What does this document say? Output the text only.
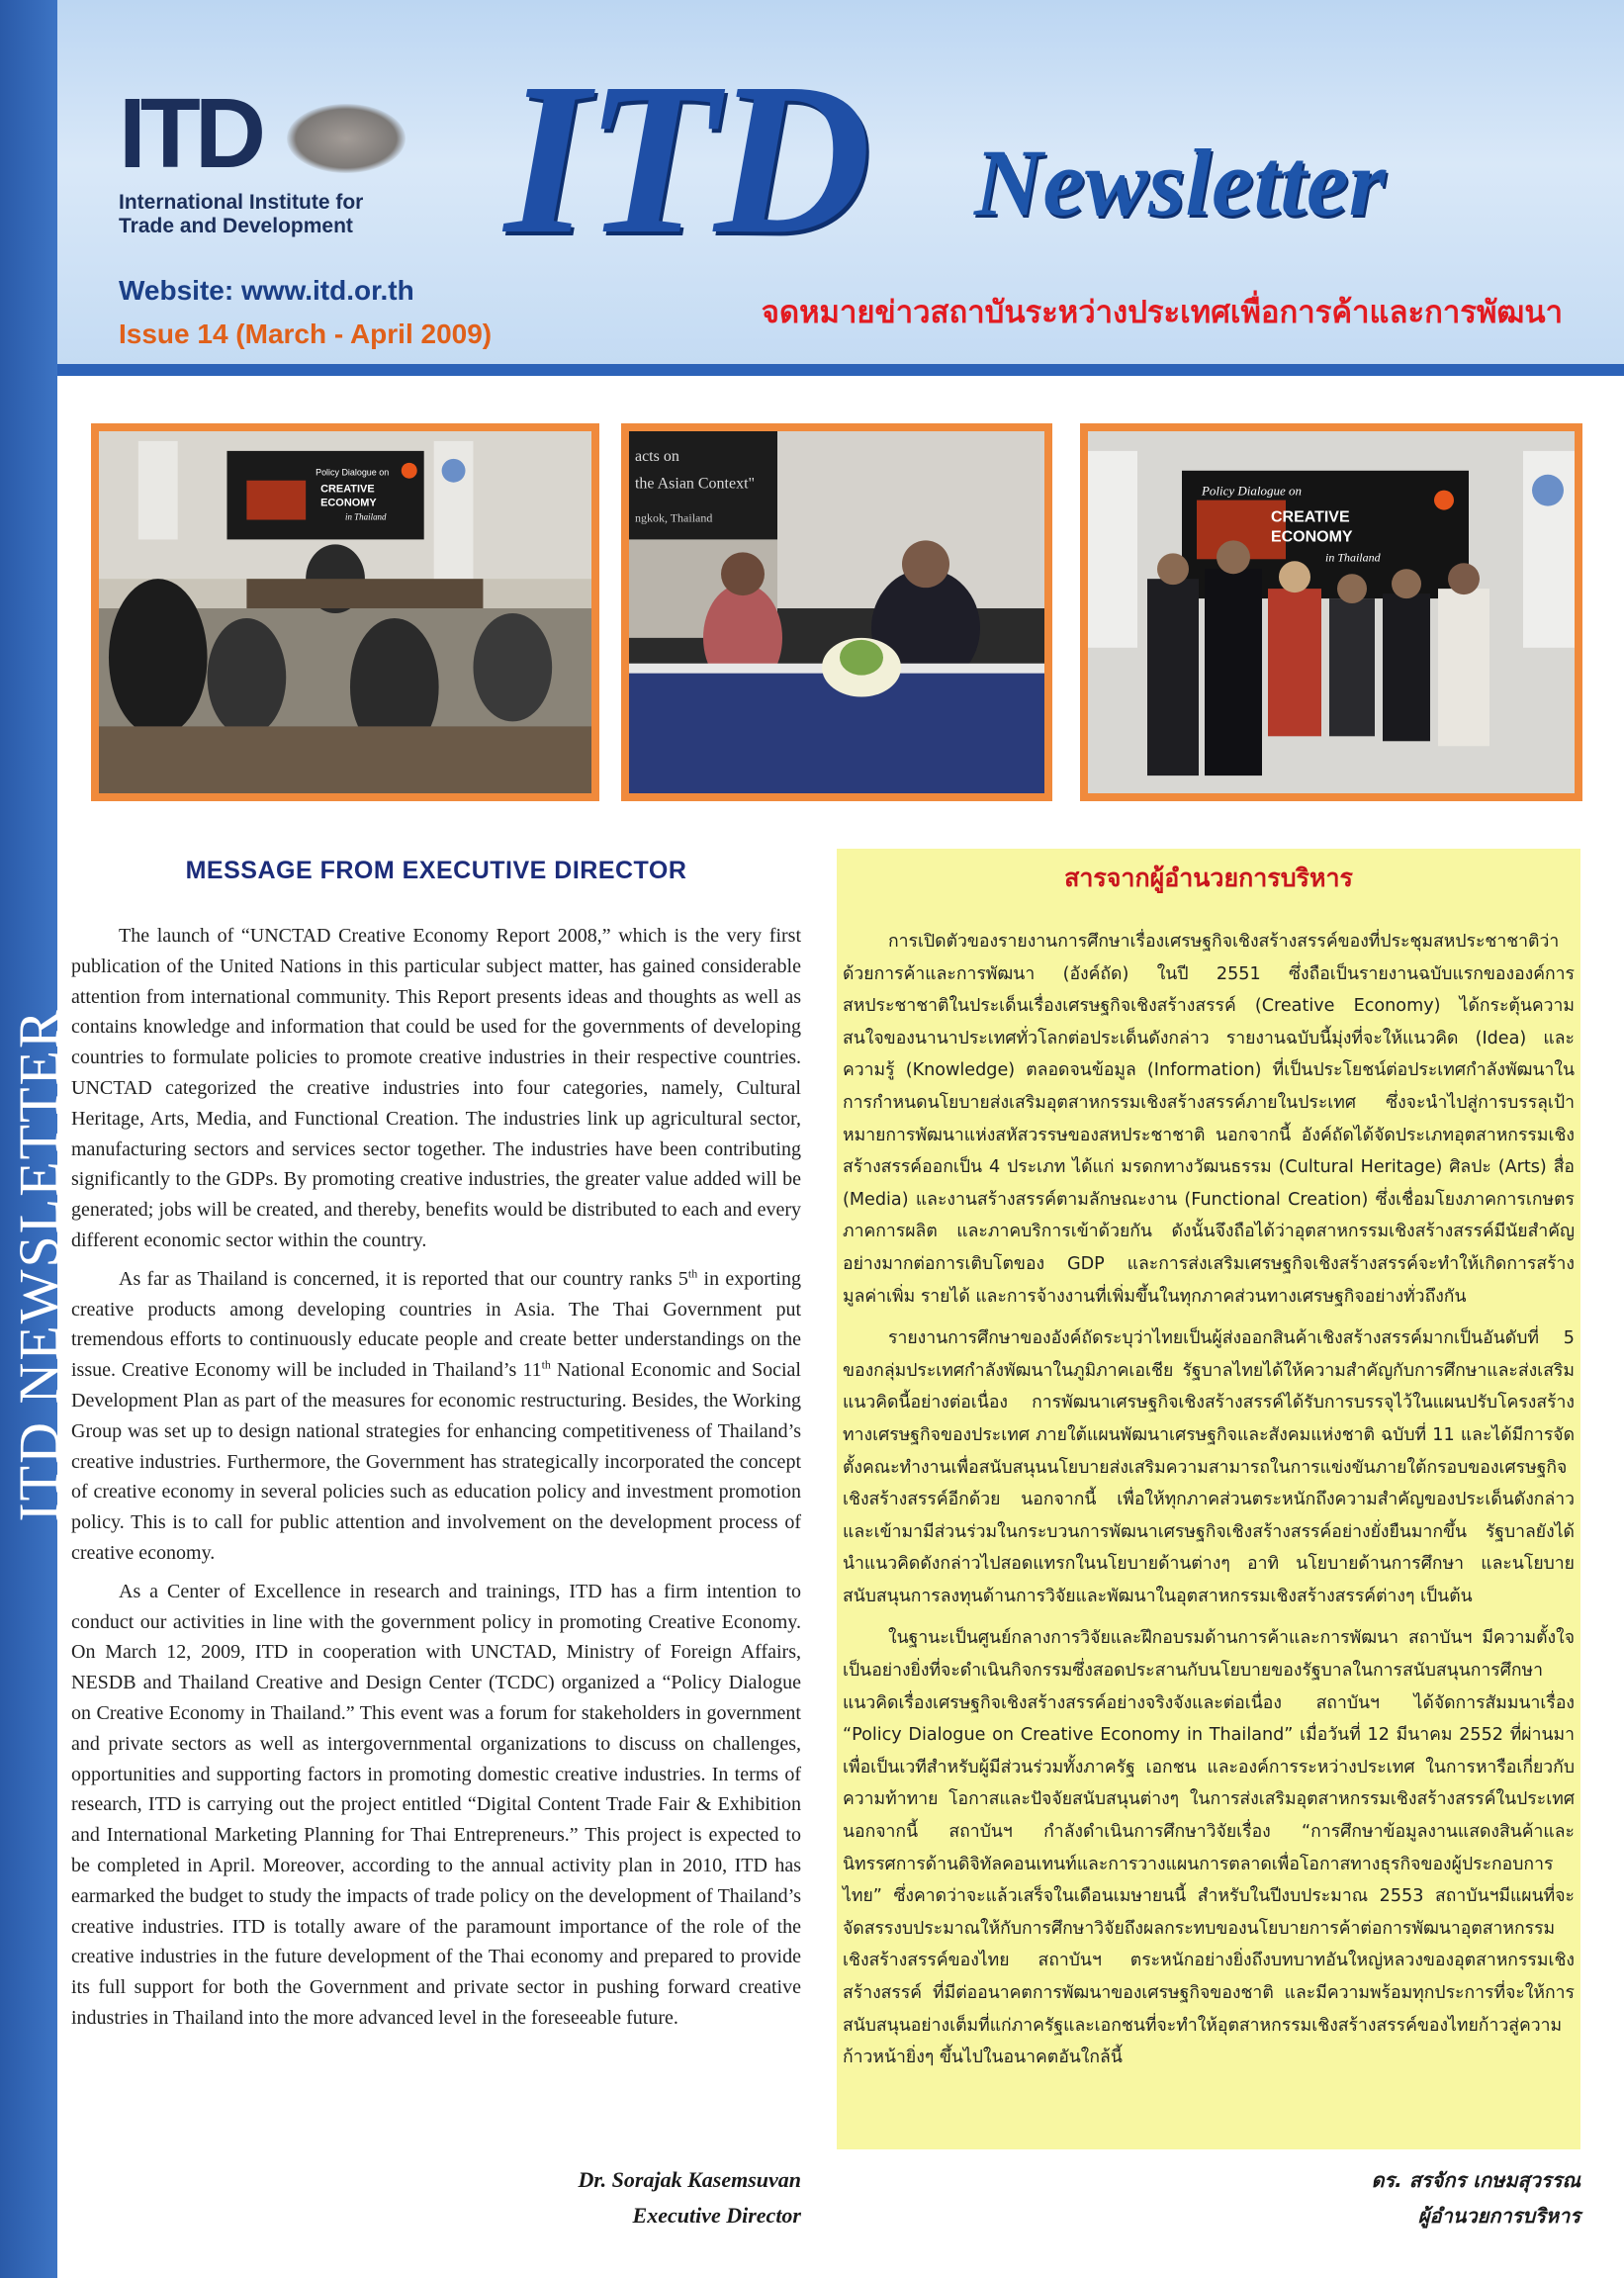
ITD NEWSLETTER
ITD
International Institute for
Trade and Development ITD Newsletter
Website: www.itd.or.th
Issue 14 (March - April 2009)
จดหมายข่าวสถาบันระหว่างประเทศเพื่อการค้าและการพัฒนา
Policy Dialogue on
CREATIVE
ECONOMY
in Thailand
acts on
the Asian Context"
ngkok, Thailand
Policy Dialogue on
CREATIVE
ECONOMY
in Thailand
MESSAGE FROM EXECUTIVE DIRECTOR

The launch of “UNCTAD Creative Economy Report 2008,” which is the very first publication of the United Nations in this particular subject matter, has gained considerable attention from international community. This Report presents ideas and thoughts as well as contains knowledge and information that could be used for the governments of developing countries to formulate policies to promote creative industries in their respective countries. UNCTAD categorized the creative industries into four categories, namely, Cultural Heritage, Arts, Media, and Functional Creation. The industries link up agricultural sector, manufacturing sectors and services sector together. The industries have been contributing significantly to the GDPs. By promoting creative industries, the greater value added will be generated; jobs will be created, and thereby, benefits would be distributed to each and every different economic sector within the country.

As far as Thailand is concerned, it is reported that our country ranks 5th in exporting creative products among developing countries in Asia. The Thai Government put tremendous efforts to continuously educate people and create better understandings on the issue. Creative Economy will be included in Thailand’s 11th National Economic and Social Development Plan as part of the measures for economic restructuring. Besides, the Working Group was set up to design national strategies for enhancing competitiveness of Thailand’s creative industries. Furthermore, the Government has strategically incorporated the concept of creative economy in several policies such as education policy and investment promotion policy. This is to call for public attention and involvement on the development process of creative economy.

As a Center of Excellence in research and trainings, ITD has a firm intention to conduct our activities in line with the government policy in promoting Creative Economy. On March 12, 2009, ITD in cooperation with UNCTAD, Ministry of Foreign Affairs, NESDB and Thailand Creative and Design Center (TCDC) organized a “Policy Dialogue on Creative Economy in Thailand.” This event was a forum for stakeholders in government and private sectors as well as intergovernmental organizations to discuss on challenges, opportunities and supporting factors in promoting domestic creative industries. In terms of research, ITD is carrying out the project entitled “Digital Content Trade Fair & Exhibition and International Marketing Planning for Thai Entrepreneurs.” This project is expected to be completed in April. Moreover, according to the annual activity plan in 2010, ITD has earmarked the budget to study the impacts of trade policy on the development of Thailand’s creative industries. ITD is totally aware of the paramount importance of the role of the creative industries in the future development of the Thai economy and prepared to provide its full support for both the Government and private sector in pushing forward creative industries in Thailand into the more advanced level in the foreseeable future.

Dr. Sorajak Kasemsuvan
Executive Director
สารจากผู้อำนวยการบริหาร

การเปิดตัวของรายงานการศึกษาเรื่องเศรษฐกิจเชิงสร้างสรรค์ของที่ประชุมสหประชาชาติว่าด้วยการค้าและการพัฒนา (อังค์ถัด) ในปี 2551 ซึ่งถือเป็นรายงานฉบับแรกขององค์การสหประชาชาติในประเด็นเรื่องเศรษฐกิจเชิงสร้างสรรค์ (Creative Economy) ได้กระตุ้นความสนใจของนานาประเทศทั่วโลกต่อประเด็นดังกล่าว รายงานฉบับนี้มุ่งที่จะให้แนวคิด (Idea) และความรู้ (Knowledge) ตลอดจนข้อมูล (Information) ที่เป็นประโยชน์ต่อประเทศกำลังพัฒนาในการกำหนดนโยบายส่งเสริมอุตสาหกรรมเชิงสร้างสรรค์ภายในประเทศ ซึ่งจะนำไปสู่การบรรลุเป้าหมายการพัฒนาแห่งสหัสวรรษของสหประชาชาติ นอกจากนี้ อังค์ถัดได้จัดประเภทอุตสาหกรรมเชิงสร้างสรรค์ออกเป็น 4 ประเภท ได้แก่ มรดกทางวัฒนธรรม (Cultural Heritage) ศิลปะ (Arts) สื่อ (Media) และงานสร้างสรรค์ตามลักษณะงาน (Functional Creation) ซึ่งเชื่อมโยงภาคการเกษตร ภาคการผลิต และภาคบริการเข้าด้วยกัน ดังนั้นจึงถือได้ว่าอุตสาหกรรมเชิงสร้างสรรค์มีนัยสำคัญอย่างมากต่อการเติบโตของ GDP และการส่งเสริมเศรษฐกิจเชิงสร้างสรรค์จะทำให้เกิดการสร้างมูลค่าเพิ่ม รายได้ และการจ้างงานที่เพิ่มขึ้นในทุกภาคส่วนทางเศรษฐกิจอย่างทั่วถึงกัน

รายงานการศึกษาของอังค์ถัดระบุว่าไทยเป็นผู้ส่งออกสินค้าเชิงสร้างสรรค์มากเป็นอันดับที่ 5 ของกลุ่มประเทศกำลังพัฒนาในภูมิภาคเอเชีย รัฐบาลไทยได้ให้ความสำคัญกับการศึกษาและส่งเสริมแนวคิดนี้อย่างต่อเนื่อง การพัฒนาเศรษฐกิจเชิงสร้างสรรค์ได้รับการบรรจุไว้ในแผนปรับโครงสร้างทางเศรษฐกิจของประเทศ ภายใต้แผนพัฒนาเศรษฐกิจและสังคมแห่งชาติ ฉบับที่ 11 และได้มีการจัดตั้งคณะทำงานเพื่อสนับสนุนนโยบายส่งเสริมความสามารถในการแข่งขันภายใต้กรอบของเศรษฐกิจเชิงสร้างสรรค์อีกด้วย นอกจากนี้ เพื่อให้ทุกภาคส่วนตระหนักถึงความสำคัญของประเด็นดังกล่าวและเข้ามามีส่วนร่วมในกระบวนการพัฒนาเศรษฐกิจเชิงสร้างสรรค์อย่างยั่งยืนมากขึ้น รัฐบาลยังได้นำแนวคิดดังกล่าวไปสอดแทรกในนโยบายด้านต่างๆ อาทิ นโยบายด้านการศึกษา และนโยบายสนับสนุนการลงทุนด้านการวิจัยและพัฒนาในอุตสาหกรรมเชิงสร้างสรรค์ต่างๆ เป็นต้น

ในฐานะเป็นศูนย์กลางการวิจัยและฝึกอบรมด้านการค้าและการพัฒนา สถาบันฯ มีความตั้งใจเป็นอย่างยิ่งที่จะดำเนินกิจกรรมซึ่งสอดประสานกับนโยบายของรัฐบาลในการสนับสนุนการศึกษาแนวคิดเรื่องเศรษฐกิจเชิงสร้างสรรค์อย่างจริงจังและต่อเนื่อง สถาบันฯ ได้จัดการสัมมนาเรื่อง “Policy Dialogue on Creative Economy in Thailand” เมื่อวันที่ 12 มีนาคม 2552 ที่ผ่านมาเพื่อเป็นเวทีสำหรับผู้มีส่วนร่วมทั้งภาครัฐ เอกชน และองค์การระหว่างประเทศ ในการหารือเกี่ยวกับความท้าทาย โอกาสและปัจจัยสนับสนุนต่างๆ ในการส่งเสริมอุตสาหกรรมเชิงสร้างสรรค์ในประเทศ นอกจากนี้ สถาบันฯ กำลังดำเนินการศึกษาวิจัยเรื่อง “การศึกษาข้อมูลงานแสดงสินค้าและนิทรรศการด้านดิจิทัลคอนเทนท์และการวางแผนการตลาดเพื่อโอกาสทางธุรกิจของผู้ประกอบการไทย” ซึ่งคาดว่าจะแล้วเสร็จในเดือนเมษายนนี้ สำหรับในปีงบประมาณ 2553 สถาบันฯมีแผนที่จะจัดสรรงบประมาณให้กับการศึกษาวิจัยถึงผลกระทบของนโยบายการค้าต่อการพัฒนาอุตสาหกรรมเชิงสร้างสรรค์ของไทย สถาบันฯ ตระหนักอย่างยิ่งถึงบทบาทอันใหญ่หลวงของอุตสาหกรรมเชิงสร้างสรรค์ ที่มีต่ออนาคตการพัฒนาของเศรษฐกิจของชาติ และมีความพร้อมทุกประการที่จะให้การสนับสนุนอย่างเต็มที่แก่ภาครัฐและเอกชนที่จะทำให้อุตสาหกรรมเชิงสร้างสรรค์ของไทยก้าวสู่ความก้าวหน้ายิ่งๆ ขึ้นไปในอนาคตอันใกล้นี้

ดร. สรจักร เกษมสุวรรณ
ผู้อำนวยการบริหาร
